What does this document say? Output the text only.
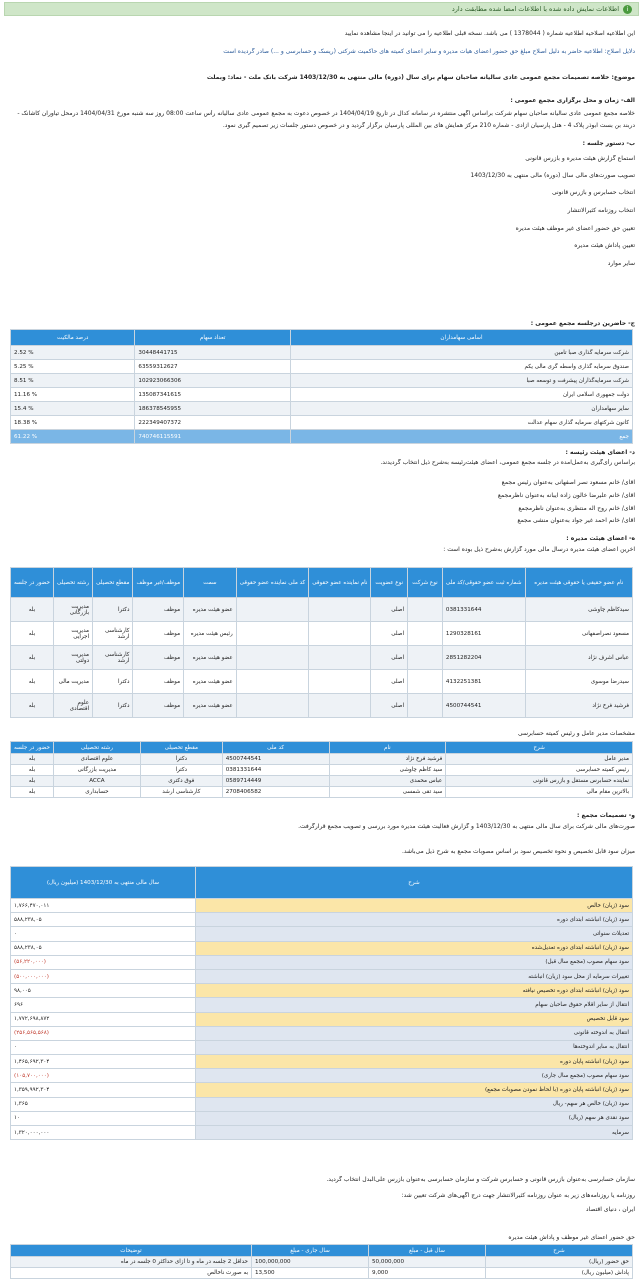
i
اطلاعات نمایش داده شده با اطلاعات امضا شده مطابقت دارد
این اطلاعیه اصلاحیه اطلاعیه شماره ( 1378044 ) می باشد. نسخه قبلی اطلاعیه را می توانید در اینجا مشاهده نمایید
دلایل اصلاح: اطلاعیه حاضر به دلیل اصلاح مبلغ حق حضور اعضای هیات مدیره و سایر اعضای کمیته های حاکمیت شرکتی (ریسک و حسابرسی و ...) صادر گردیده است
موضوع: خلاصه تصمیمات مجمع عمومی عادی سالیانه صاحبان سهام برای سال (دوره) مالی منتهی به 1403/12/30 شرکت بانک ملت - نماد: وبملت
الف- زمان و محل برگزاری مجمع عمومی :
خلاصه مجمع عمومی عادی سالیانه صاحبان سهام شرکت براساس آگهی منتشره در سامانه کدال در تاریخ 1404/04/19 در خصوص دعوت به مجمع عمومی عادی سالیانه رأس ساعت 08:00 روز سه شنبه مورخ 1404/04/31 درمحل تیاوران کاشانک -
دربند بن بست ابوذر پلاک 4 - هتل پارسیان آزادی - شماره 210 مرکز همایش های بین المللی پارسیان برگزار گردید و در خصوص دستور جلسات زیر تصمیم گیری نمود.
ب- دستور جلسه :
استماع گزارش هیئت مدیره و بازرس قانونی
تصویب صورت‌های مالی سال (دوره) مالی منتهی به 1403/12/30
انتخاب حسابرس و بازرس قانونی
انتخاب روزنامه کثیرالانتشار
تعیین حق حضور اعضای غیر موظف هیئت مدیره
تعیین پاداش هیئت مدیره
سایر موارد
ج- حاضرین درجلسه مجمع عمومی :
اسامی سهامداران	تعداد سهام	درصد مالکیت
شرکت سرمایه گذاری صبا تامین	30448441715	% 2.52
صندوق سرمایه گذاری واسطه گری مالی یکم	63559312627	% 5.25
شرکت سرمایه‌گذاران پیشرفت و توسعه صبا	102923066306	% 8.51
دولت جمهوری اسلامی ایران	135087341615	% 11.16
سایر سهامداران	186378545955	% 15.4
کانون شرکتهای سرمایه گذاری سهام عدالت	222349407372	% 18.38
جمع	740746115591	% 61.22
د- اعضای هیئت رئیسه :
براساس رأی‌گیری به‌عمل‌آمده در جلسه مجمع عمومی، اعضای هیئت‌رئیسه به‌شرح ذیل انتخاب گردیدند.
آقای/ خانم مسعود نصر اصفهانی به‌عنوان رئیس مجمع
آقای/ خانم علیرضا خالون زاده ایبانه به‌عنوان ناظرمجمع
آقای/ خانم روح اله منتظری به‌عنوان ناظرمجمع
آقای/ خانم احمد غیر جواد به‌عنوان منشی مجمع
ه- اعضای هیئت مدیره :
آخرین اعضای هیئت مدیره درسال مالی مورد گزارش به‌شرح ذیل بوده است :
نام عضو حقیقی یا حقوقی هیئت مدیره	شماره ثبت عضو حقوقی/کد ملی	نوع شرکت	نوع عضویت	نام نماینده عضو حقوقی	کد ملی نماینده عضو حقوقی	سمت	موظف/غیر موظف	مقطع تحصیلی	رشته تحصیلی	حضور در جلسه
سیدکاظم چاوشی	0381331644		اصلی			عضو هیئت مدیره	موظف	دکترا	مدیریت بازرگانی	بله
مسعود نصراصفهانی	1290328161		اصلی			رئیس هیئت مدیره	موظف	کارشناسی ارشد	مدیریت اجرایی	بله
عباس اشرف نژاد	2851282204		اصلی			عضو هیئت مدیره	موظف	کارشناسی ارشد	مدیریت دولتی	بله
سیدرضا موسوی	4132251381		اصلی			عضو هیئت مدیره	موظف	دکترا	مدیریت مالی	بله
فرشید فرخ نژاد	4500744541		اصلی			عضو هیئت مدیره	موظف	دکترا	علوم اقتصادی	بله
مشخصات مدیر عامل و رئیس کمیته حسابرسی
شرح	نام	کد ملی	مقطع تحصیلی	رشته تحصیلی	حضور در جلسه
مدیر عامل	فرشید فرخ نژاد	4500744541	دکترا	علوم اقتصادی	بله
رئیس کمیته حسابرسی	سید کاظم چاوشی	0381331644	دکترا	مدیریت بازرگانی	بله
نماینده حسابرس مستقل و بازرس قانونی	عباس محمدی	0589714449	فوق دکتری	ACCA	بله
بالاترین مقام مالی	سید تقی شمسی	2708406582	کارشناسی ارشد	حسابداری	بله
و- تصمیمات مجمع :
صورت‌های مالی شرکت برای سال مالی منتهی به 1403/12/30 و گزارش فعالیت هیئت مدیره مورد بررسی و تصویب مجمع قرارگرفت.
میزان سود قابل تخصیص و نحوه تخصیص سود بر اساس مصوبات مجمع به شرح ذیل می‌باشد.
شرح	سال مالی منتهی به 1403/12/30 (میلیون ریال)
سود (زیان) خالص	۱,۷۶۶,۴۷۰,۰۱۱
سود (زیان) انباشته ابتدای دوره	۵۸۸,۲۳۸,۰۵
تعدیلات سنواتی	۰
سود (زیان) انباشته ابتدای دوره تعدیل‌شده	۵۸۸,۲۳۸,۰۵
سود سهام مصوب (مجمع سال قبل)	(۵۶,۲۲۰,۰۰۰)
تغییرات سرمایه از محل سود (زیان) انباشته	(۵۰۰,۰۰۰,۰۰۰)
سود (زیان) انباشته ابتدای دوره تخصیص نیافته	۹۸,۰۰۵
انتقال از سایر اقلام حقوق صاحبان سهام	۶۹۶
سود قابل تخصیص	۱,۷۷۲,۶۹۸,۸۷۲
انتقال به اندوخته قانونی	(۲۵۶,۵۶۵,۵۶۸)
انتقال به سایر اندوخته‌ها	۰
سود (زیان) انباشته پایان دوره	۱,۴۶۵,۶۹۲,۳۰۴
سود سهام مصوب (مجمع سال جاری)	(۱۰۵,۷۰۰,۰۰۰)
سود (زیان) انباشته پایان دوره (با لحاظ نمودن مصوبات مجمع)	۱,۳۵۹,۹۹۲,۳۰۴
سود (زیان) خالص هر سهم- ریال	۱,۳۶۵
سود نقدی هر سهم (ریال)	۱۰
سرمایه	۱,۳۲۰,۰۰۰,۰۰۰
سازمان حسابرسی به‌عنوان بازرس قانونی و حسابرس شرکت و سازمان حسابرسی به‌عنوان بازرس علی‌البدل انتخاب گردید.
روزنامه یا روزنامه‌های زیر به عنوان روزنامه کثیرالانتشار جهت درج آگهی‌های شرکت تعیین شد:
ایران ، دنیای اقتصاد
حق حضور اعضای غیر موظف و پاداش هیئت مدیره
شرح	سال قبل - مبلغ	سال جاری - مبلغ	توضیحات
حق حضور (ریال)	50,000,000	100,000,000	حداقل 2 جلسه در ماه و تا ازای حداکثر 0 جلسه در ماه
پاداش (میلیون ریال)	9,000	13,500	به صورت ناخالص
